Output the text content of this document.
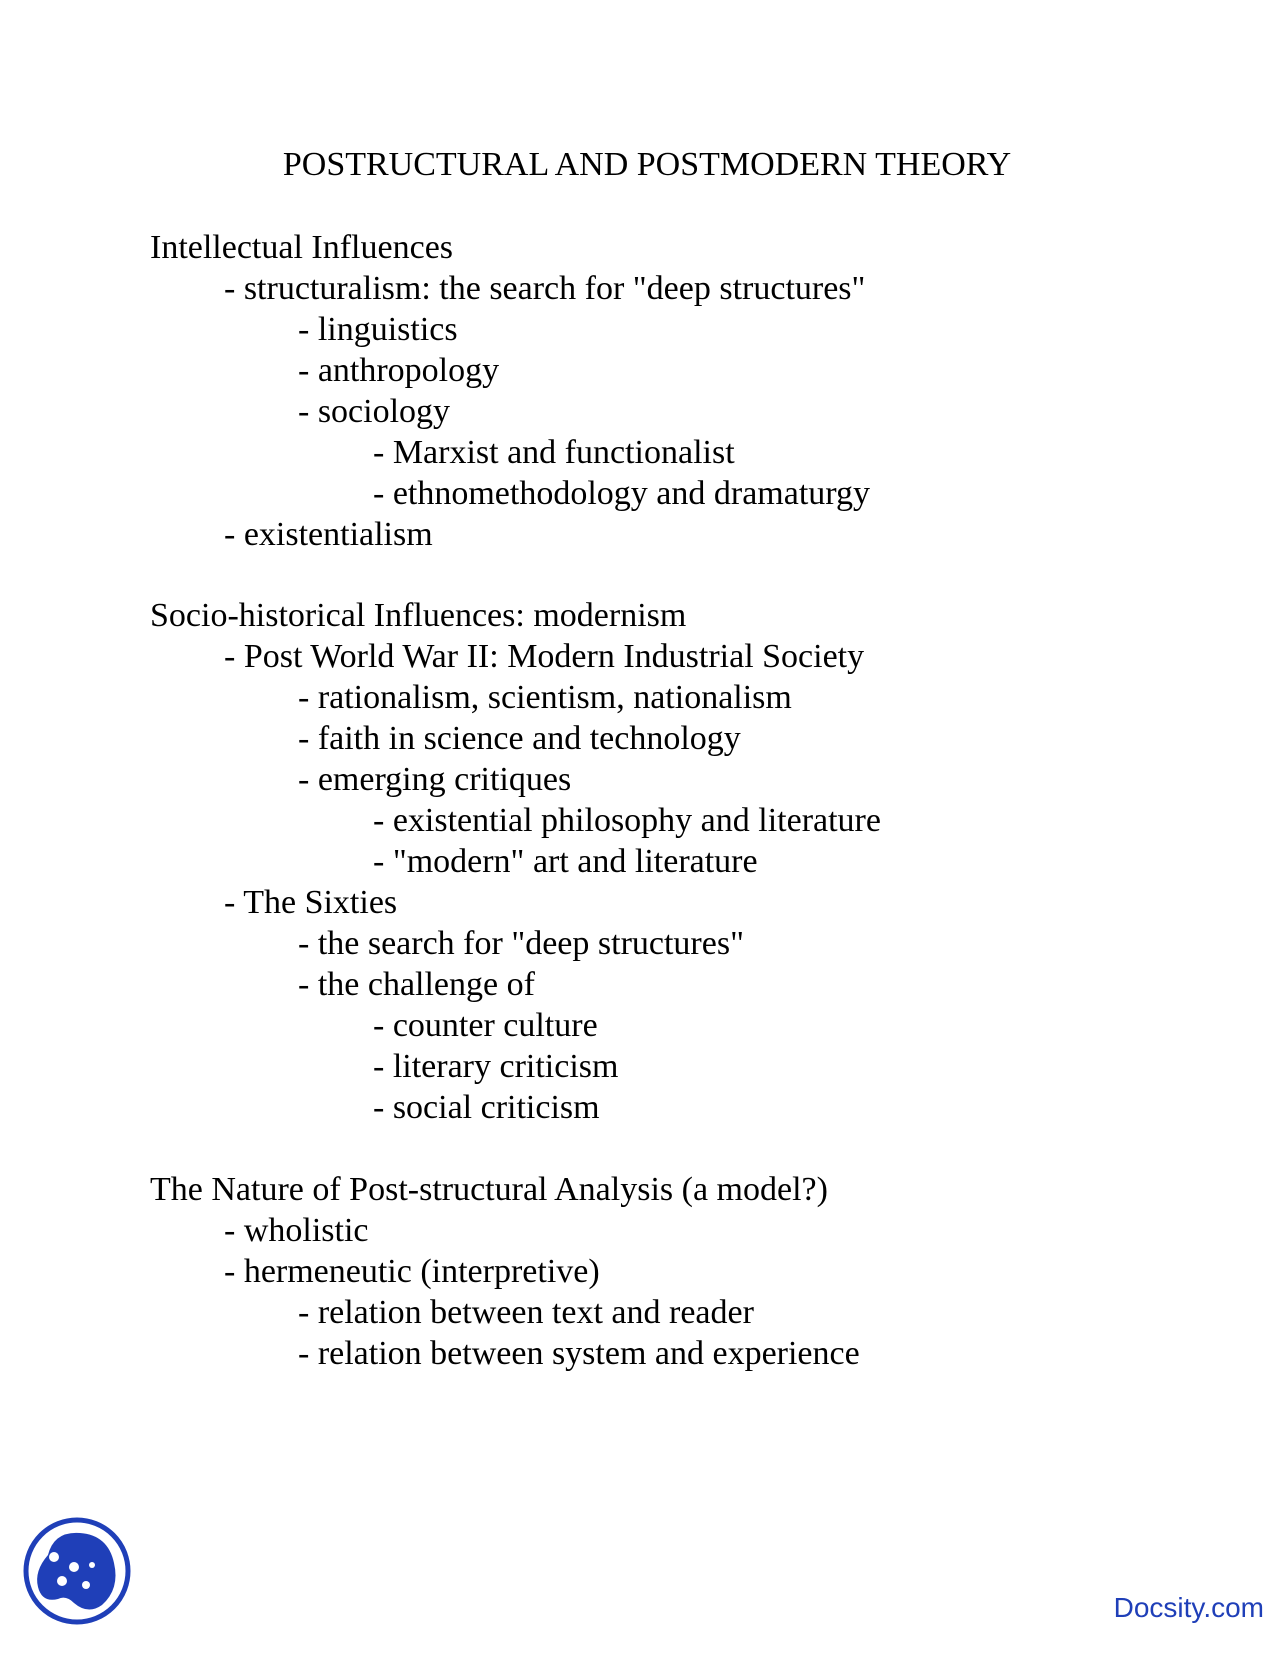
POSTRUCTURAL AND POSTMODERN THEORY
Intellectual Influences
- structuralism: the search for "deep structures"
- linguistics
- anthropology
- sociology
- Marxist and functionalist
- ethnomethodology and dramaturgy
- existentialism
Socio-historical Influences: modernism
- Post World War II: Modern Industrial Society
- rationalism, scientism, nationalism
- faith in science and technology
- emerging critiques
- existential philosophy and literature
- "modern" art and literature
- The Sixties
- the search for "deep structures"
- the challenge of
- counter culture
- literary criticism
- social criticism
The Nature of Post-structural Analysis (a model?)
- wholistic
- hermeneutic (interpretive)
- relation between text and reader
- relation between system and experience
Docsity.com
